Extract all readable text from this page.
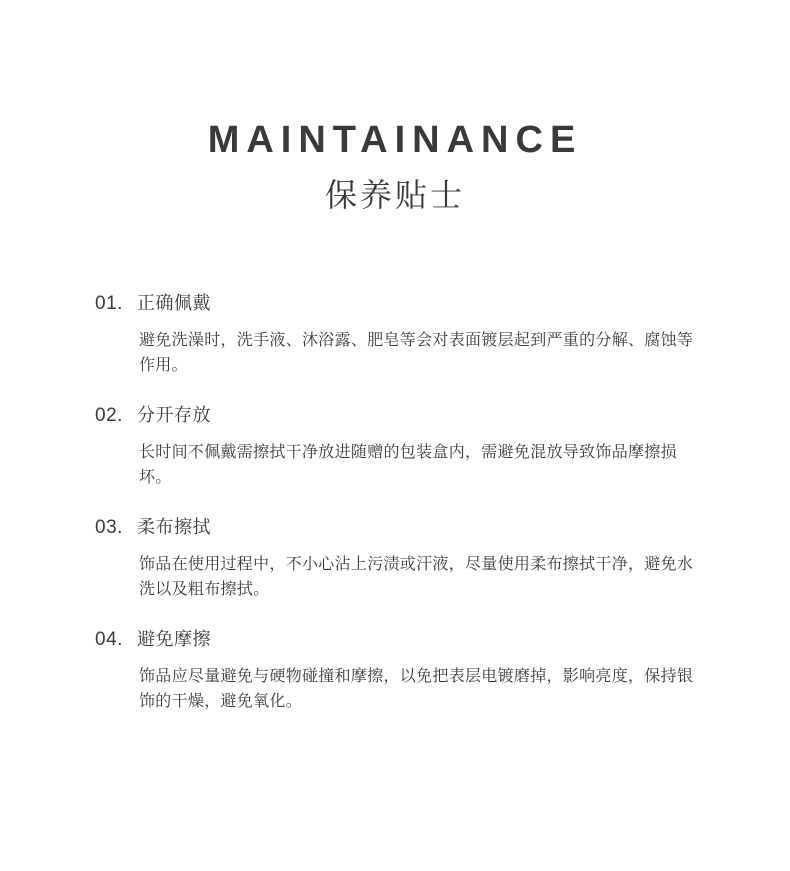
MAINTAINANCE
保养贴士
01. 正确佩戴
避免洗澡时，洗手液、沐浴露、肥皂等会对表面镀层起到严重的分解、腐蚀等作用。
02. 分开存放
长时间不佩戴需擦拭干净放进随赠的包装盒内，需避免混放导致饰品摩擦损坏。
03. 柔布擦拭
饰品在使用过程中，不小心沾上污渍或汗液，尽量使用柔布擦拭干净，避免水洗以及粗布擦拭。
04. 避免摩擦
饰品应尽量避免与硬物碰撞和摩擦，以免把表层电镀磨掉，影响亮度，保持银饰的干燥，避免氧化。
